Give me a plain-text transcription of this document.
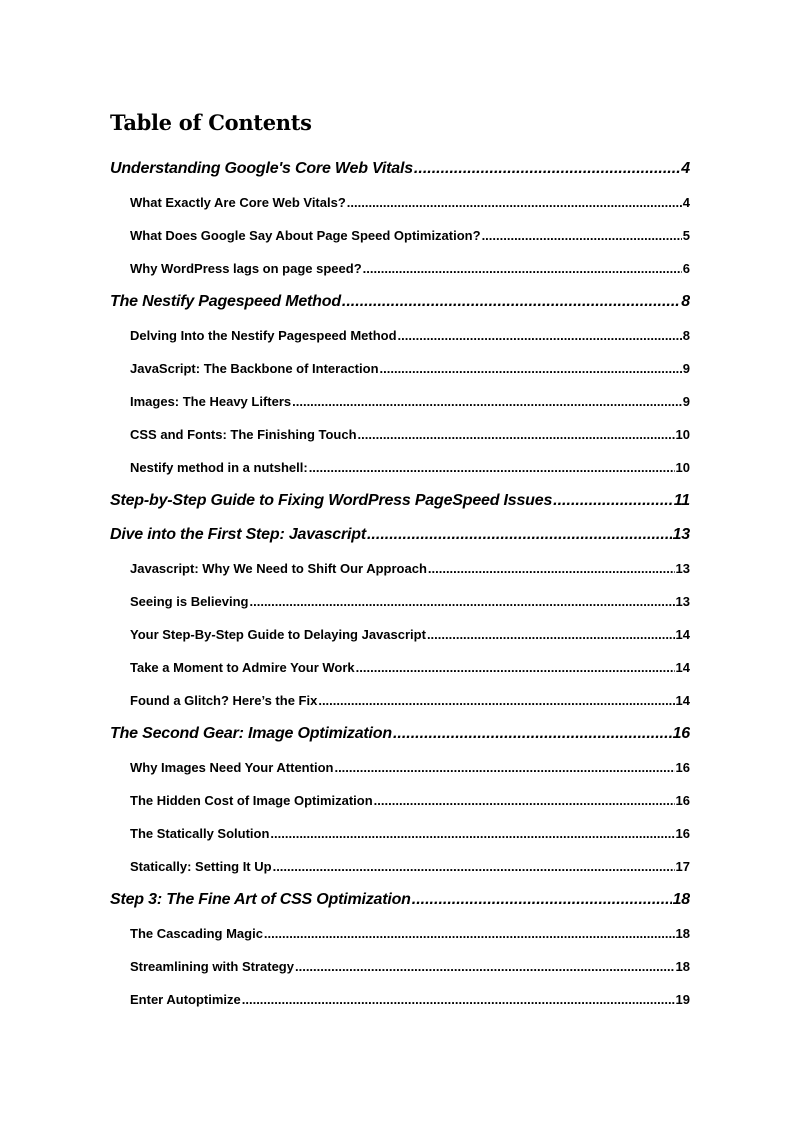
Table of Contents
Understanding Google's Core Web Vitals .....	4
What Exactly Are Core Web Vitals? .....	4
What Does Google Say About Page Speed Optimization? .....	5
Why WordPress lags on page speed? .....	6
The Nestify Pagespeed Method .....	8
Delving Into the Nestify Pagespeed Method .....	8
JavaScript: The Backbone of Interaction .....	9
Images: The Heavy Lifters .....	9
CSS and Fonts: The Finishing Touch .....	10
Nestify method in a nutshell: .....	10
Step-by-Step Guide to Fixing WordPress PageSpeed Issues .....	11
Dive into the First Step: Javascript .....	13
Javascript: Why We Need to Shift Our Approach .....	13
Seeing is Believing .....	13
Your Step-By-Step Guide to Delaying Javascript .....	14
Take a Moment to Admire Your Work .....	14
Found a Glitch? Here’s the Fix .....	14
The Second Gear: Image Optimization .....	16
Why Images Need Your Attention .....	16
The Hidden Cost of Image Optimization .....	16
The Statically Solution .....	16
Statically: Setting It Up .....	17
Step 3: The Fine Art of CSS Optimization .....	18
The Cascading Magic .....	18
Streamlining with Strategy .....	18
Enter Autoptimize .....	19
